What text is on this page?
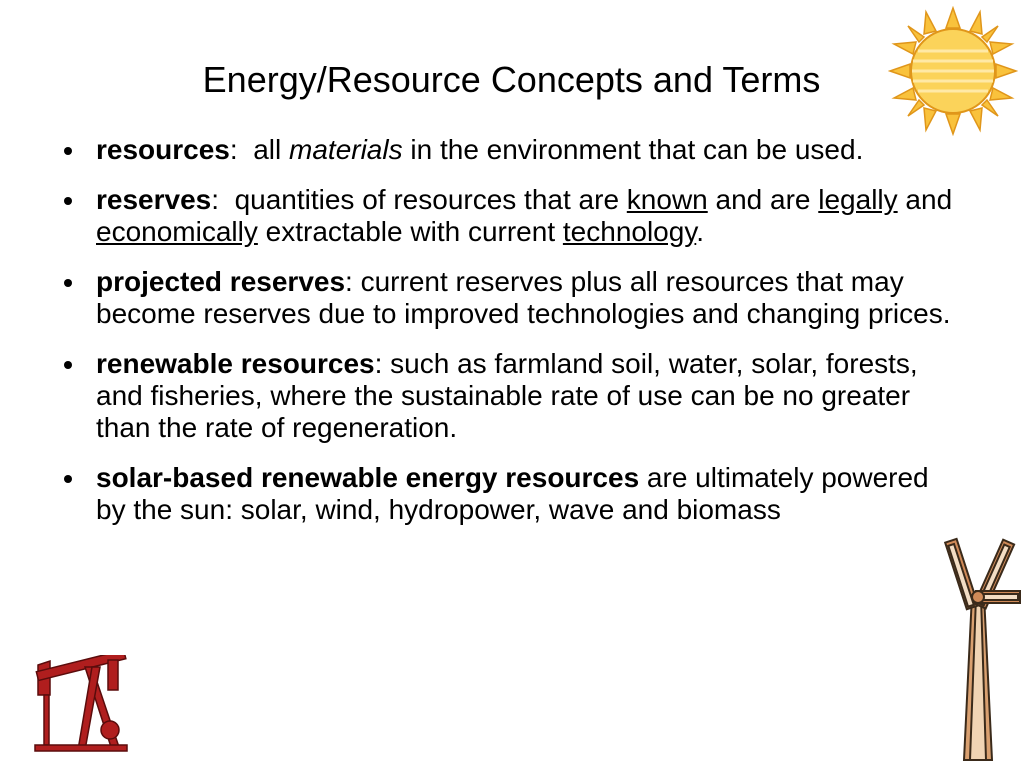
Energy/Resource Concepts and Terms
resources:  all materials in the environment that can be used.
reserves:  quantities of resources that are known and are legally and economically extractable with current technology.
projected reserves: current reserves plus all resources that may become reserves due to improved technologies and changing prices.
renewable resources: such as farmland soil, water, solar, forests, and fisheries, where the sustainable rate of use can be no greater than the rate of regeneration.
solar-based renewable energy resources are ultimately powered by the sun: solar, wind, hydropower, wave and biomass
